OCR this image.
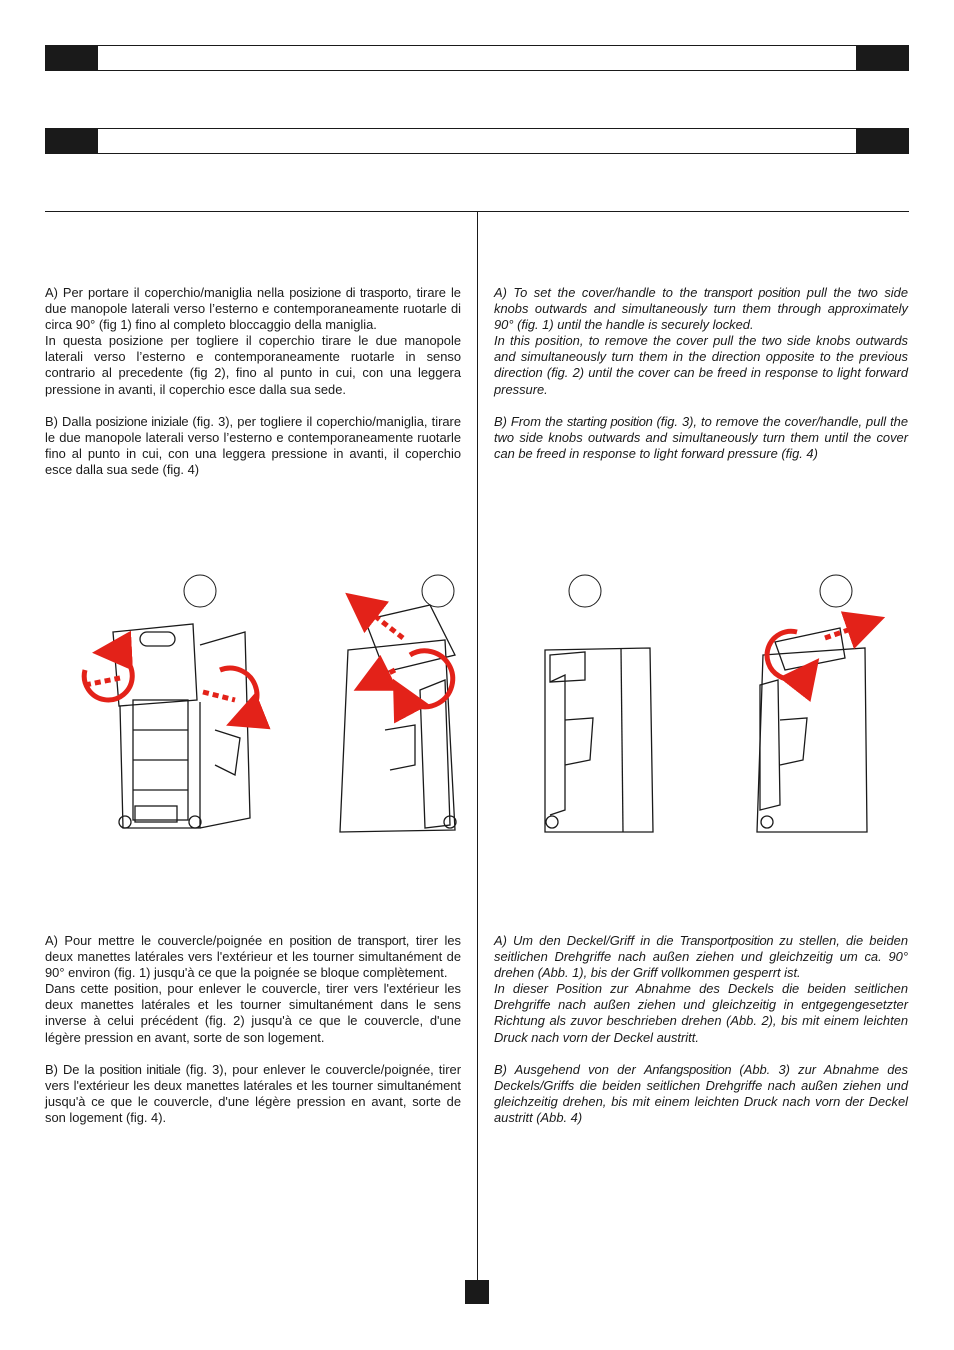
A) Per portare il coperchio/maniglia nella posizione di trasporto, tirare le due manopole laterali verso l’esterno e contemporaneamente ruotarle di circa 90° (fig 1) fino al completo bloccaggio della maniglia.

In questa posizione per togliere il coperchio tirare le due manopole laterali verso l’esterno e contemporaneamente ruotarle in senso contrario al precedente (fig 2), fino al punto in cui, con una leggera pressione in avanti, il coperchio esce dalla sua sede.

B) Dalla posizione iniziale (fig. 3), per togliere il coperchio/maniglia, tirare le due manopole laterali verso l’esterno e contemporaneamente ruotarle fino al punto in cui, con una leggera pressione in avanti, il coperchio esce dalla sua sede (fig. 4)

A) To set the cover/handle to the transport position pull the two side knobs outwards and simultaneously turn them through approximately 90° (fig. 1) until the handle is securely locked.

In this position, to remove the cover pull the two side knobs outwards and simultaneously turn them in the direction opposite to the previous direction (fig. 2) until the cover can be freed in response to light forward pressure.

B) From the starting position (fig. 3), to remove the cover/handle, pull the two side knobs outwards and simultaneously turn them until the cover can be freed in response to light forward pressure (fig. 4)

A) Pour mettre le couvercle/poignée en position de transport, tirer les deux manettes latérales vers l'extérieur et les tourner simultanément de 90° environ (fig. 1) jusqu'à ce que la poignée se bloque complètement.

Dans cette position, pour enlever le couvercle, tirer vers l'extérieur les deux manettes latérales et les tourner simultanément dans le sens inverse à celui précédent (fig. 2) jusqu'à ce que le couvercle, d'une légère pression en avant, sorte de son logement.

B) De la position initiale (fig. 3), pour enlever le couvercle/poignée, tirer vers l'extérieur les deux manettes latérales et les tourner simultanément jusqu'à ce que le couvercle, d'une légère pression en avant, sorte de son logement (fig. 4).

A) Um den Deckel/Griff in die Transportposition zu stellen, die beiden seitlichen Drehgriffe nach außen ziehen und gleichzeitig um ca. 90° drehen (Abb. 1), bis der Griff vollkommen gesperrt ist.

In dieser Position zur Abnahme des Deckels die beiden seitlichen Drehgriffe nach außen ziehen und gleichzeitig in entgegengesetzter Richtung als zuvor beschrieben drehen (Abb. 2), bis mit einem leichten Druck nach vorn der Deckel austritt.

B) Ausgehend von der Anfangsposition (Abb. 3) zur Abnahme des Deckels/Griffs die beiden seitlichen Drehgriffe nach außen ziehen und gleichzeitig drehen, bis mit einem leichten Druck nach vorn der Deckel austritt (Abb. 4)
